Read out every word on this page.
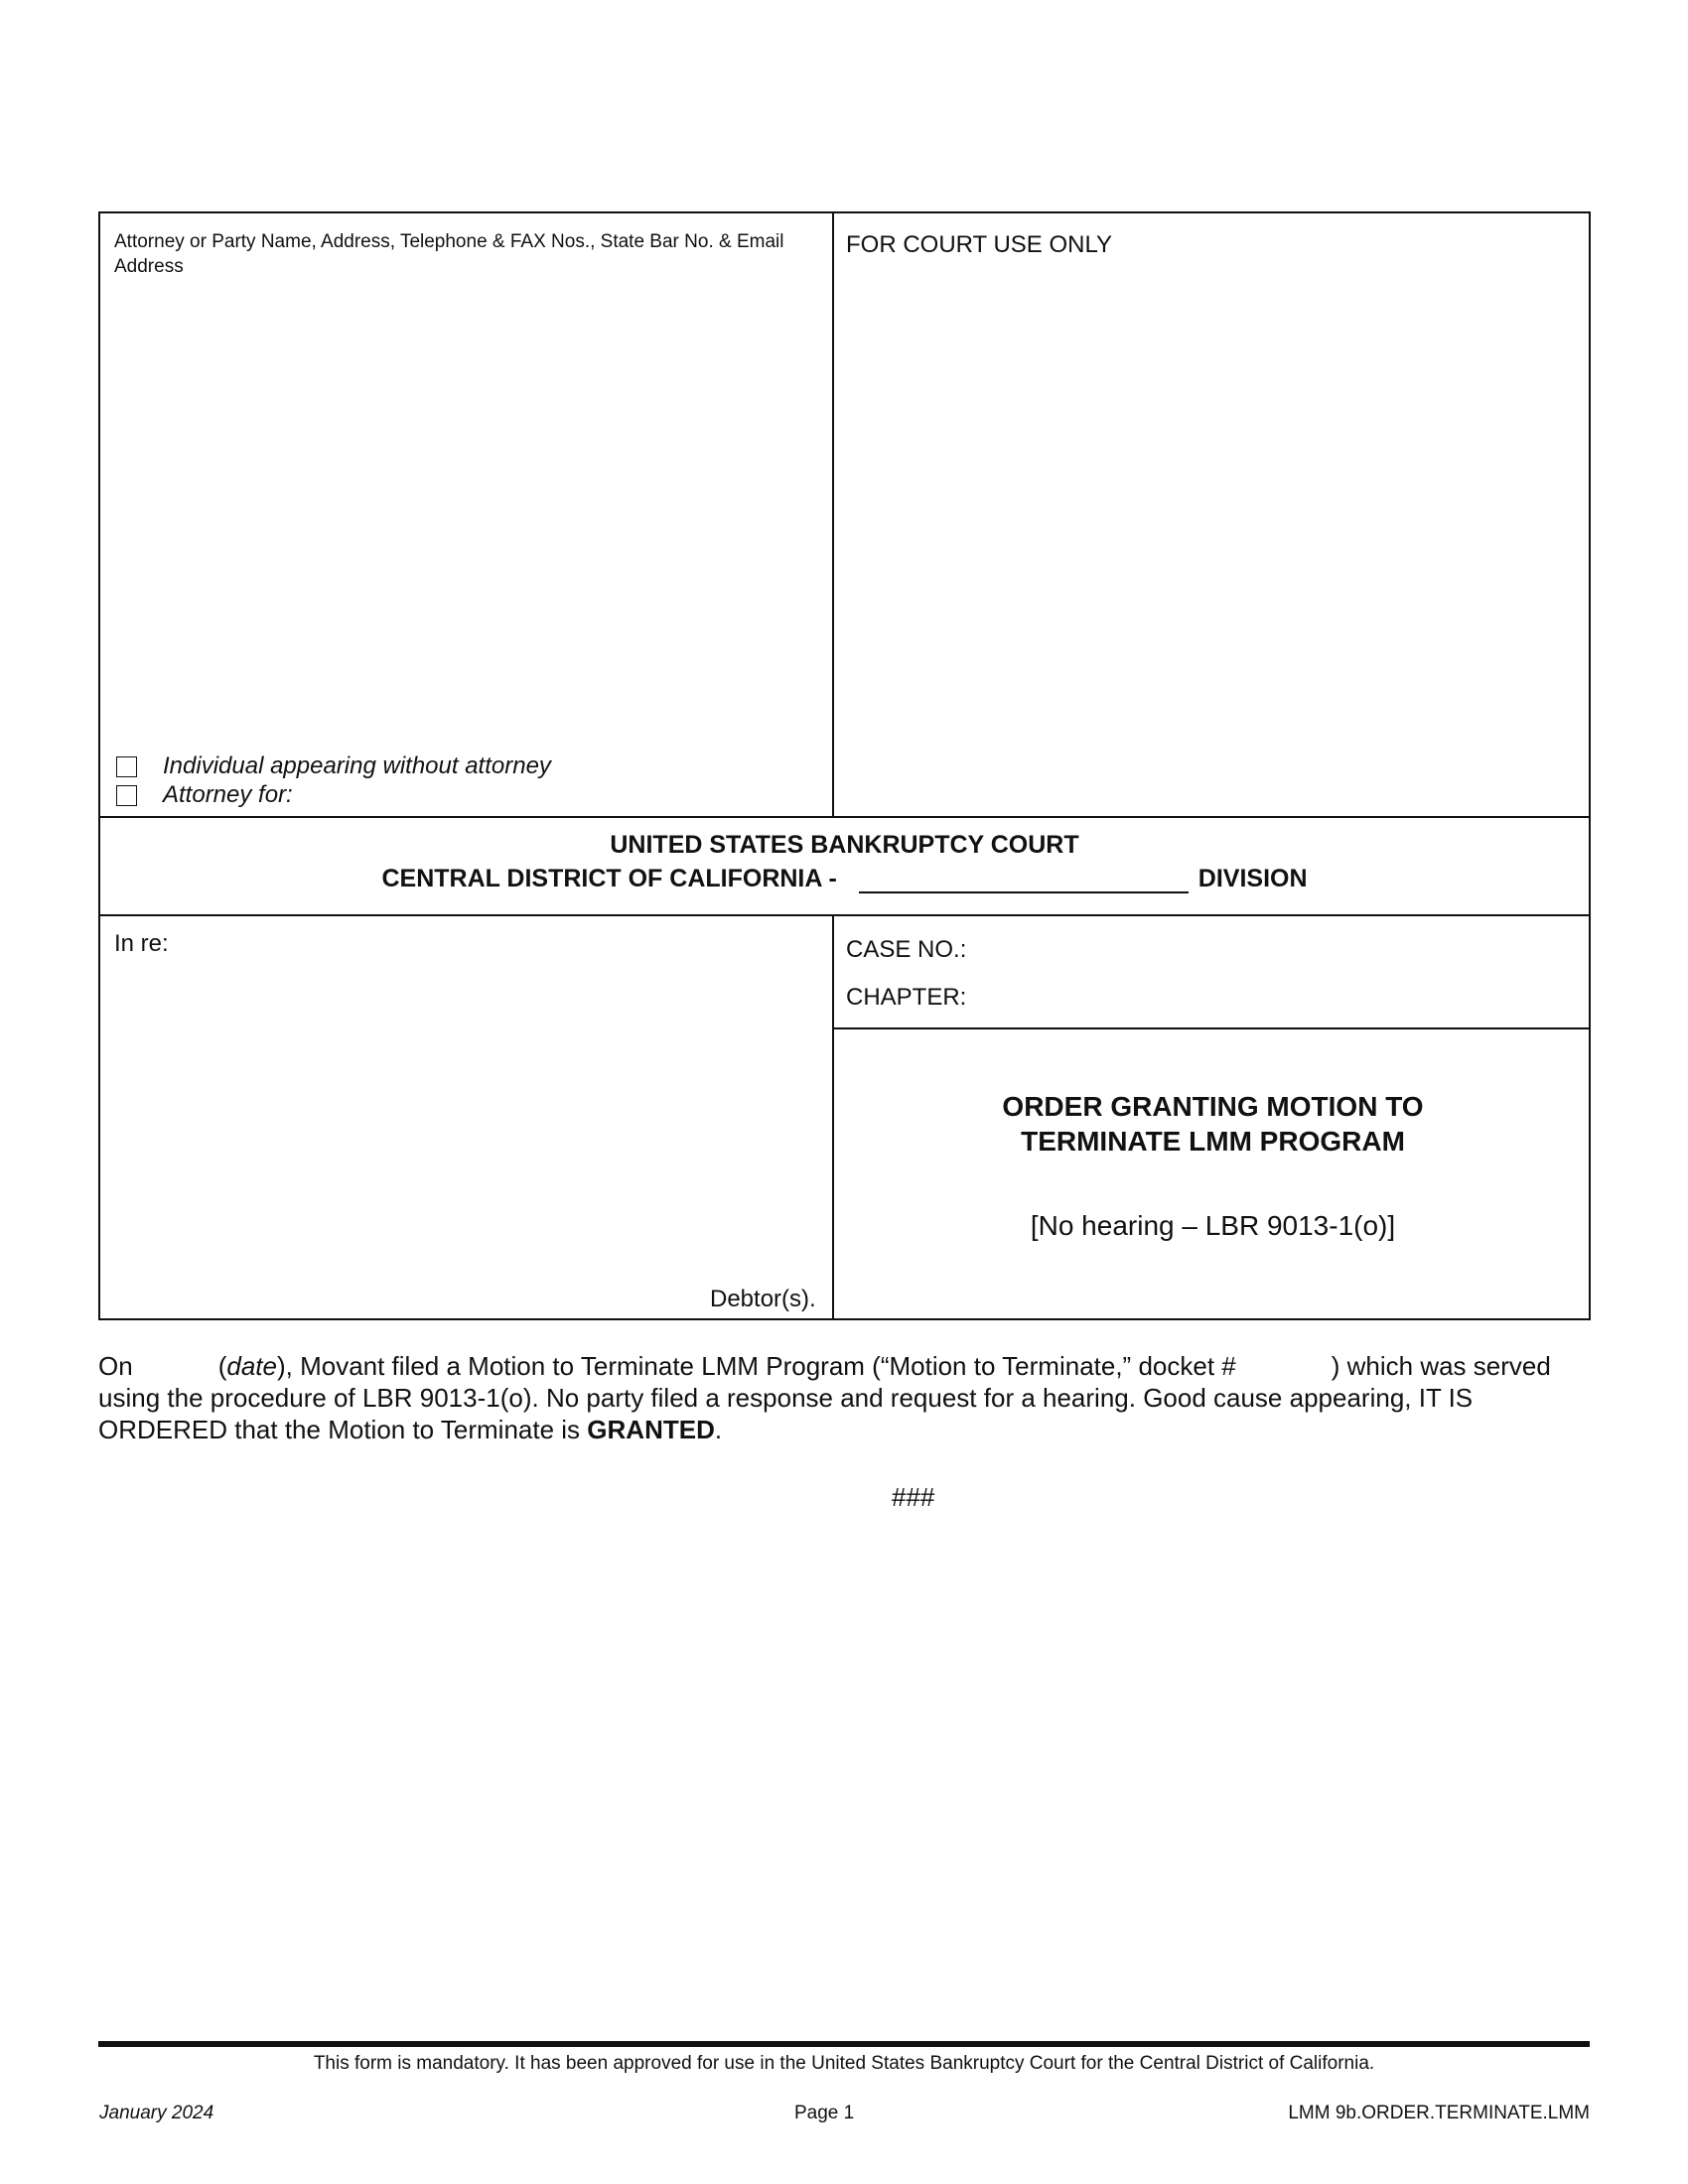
Attorney or Party Name, Address, Telephone & FAX Nos., State Bar No. & Email Address
FOR COURT USE ONLY
Individual appearing without attorney
Attorney for:
UNITED STATES BANKRUPTCY COURT
CENTRAL DISTRICT OF CALIFORNIA -	DIVISION
In re:
Debtor(s).
CASE NO.:
CHAPTER:
ORDER GRANTING MOTION TO
TERMINATE LMM PROGRAM
[No hearing – LBR 9013-1(o)]
On	(date), Movant filed a Motion to Terminate LMM Program (“Motion to Terminate,” docket #	) which was served using the procedure of LBR 9013-1(o). No party filed a response and request for a hearing. Good cause appearing, IT IS ORDERED that the Motion to Terminate is GRANTED.
###
This form is mandatory. It has been approved for use in the United States Bankruptcy Court for the Central District of California.
January 2024	Page 1	LMM 9b.ORDER.TERMINATE.LMM
